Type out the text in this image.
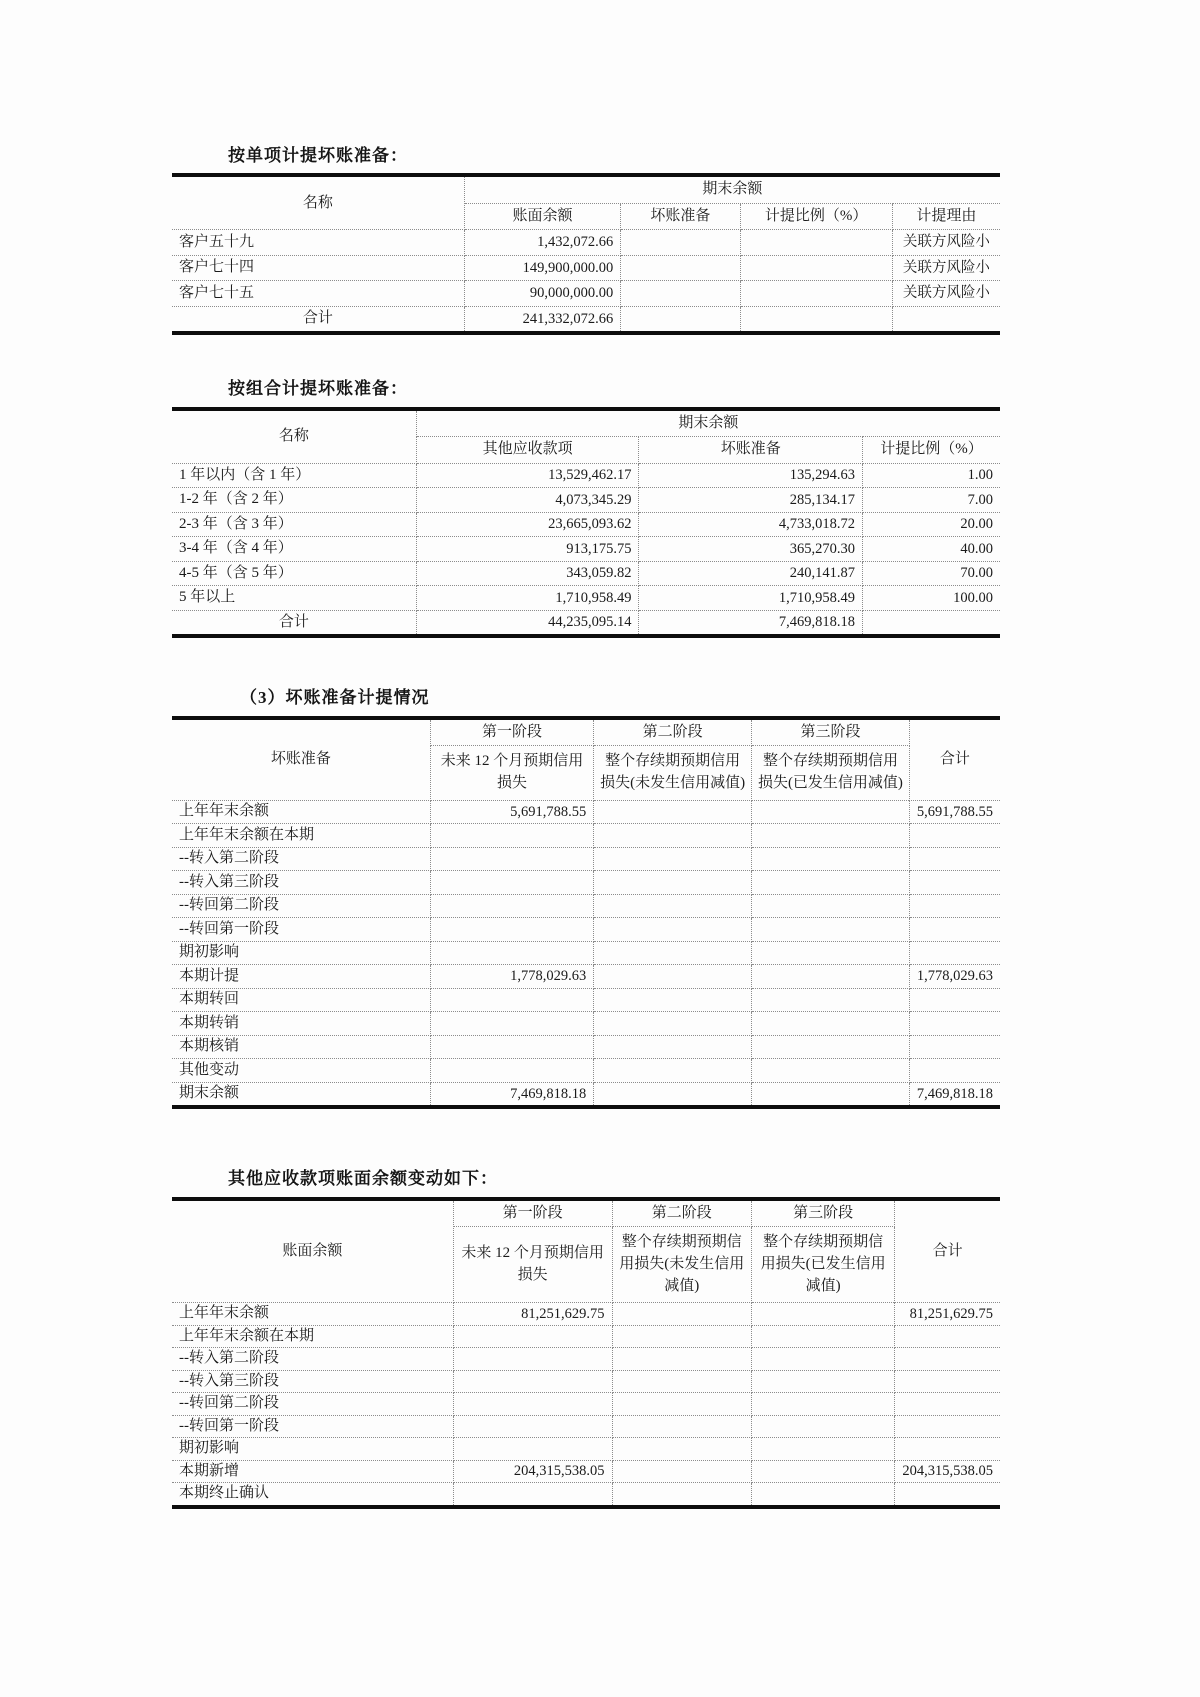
按单项计提坏账准备：
名称	期末余额			
	账面余额	坏账准备	计提比例（%）	计提理由
客户五十九	1,432,072.66			关联方风险小
客户七十四	149,900,000.00			关联方风险小
客户七十五	90,000,000.00			关联方风险小
合计	241,332,072.66			
按组合计提坏账准备：
名称	期末余额		
	其他应收款项	坏账准备	计提比例（%）
1 年以内（含 1 年）	13,529,462.17	135,294.63	1.00
1-2 年（含 2 年）	4,073,345.29	285,134.17	7.00
2-3 年（含 3 年）	23,665,093.62	4,733,018.72	20.00
3-4 年（含 4 年）	913,175.75	365,270.30	40.00
4-5 年（含 5 年）	343,059.82	240,141.87	70.00
5 年以上	1,710,958.49	1,710,958.49	100.00
合计	44,235,095.14	7,469,818.18	
（3）坏账准备计提情况
坏账准备	第一阶段	第二阶段	第三阶段	合计
	未来 12 个月预期信用损失	整个存续期预期信用损失(未发生信用减值)	整个存续期预期信用损失(已发生信用减值)	
上年年末余额	5,691,788.55			5,691,788.55
上年年末余额在本期				
--转入第二阶段				
--转入第三阶段				
--转回第二阶段				
--转回第一阶段				
期初影响				
本期计提	1,778,029.63			1,778,029.63
本期转回				
本期转销				
本期核销				
其他变动				
期末余额	7,469,818.18			7,469,818.18
其他应收款项账面余额变动如下：
账面余额	第一阶段	第二阶段	第三阶段	合计
	未来 12 个月预期信用损失	整个存续期预期信用损失(未发生信用减值)	整个存续期预期信用损失(已发生信用减值)	
上年年末余额	81,251,629.75			81,251,629.75
上年年末余额在本期				
--转入第二阶段				
--转入第三阶段				
--转回第二阶段				
--转回第一阶段				
期初影响				
本期新增	204,315,538.05			204,315,538.05
本期终止确认				
